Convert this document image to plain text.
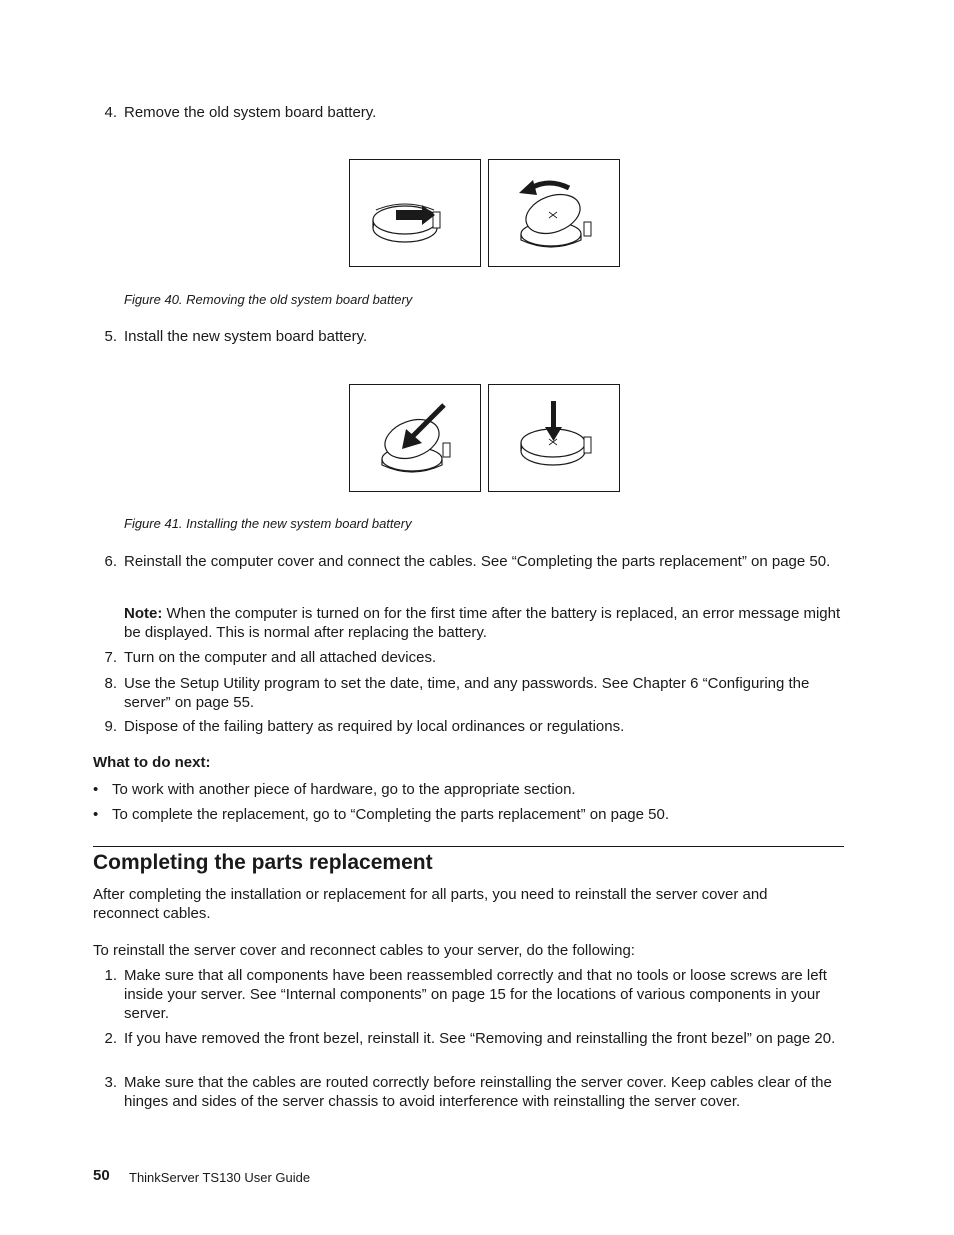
4. Remove the old system board battery.
Figure 40. Removing the old system board battery
5. Install the new system board battery.
Figure 41. Installing the new system board battery
6. Reinstall the computer cover and connect the cables. See “Completing the parts replacement” on page 50.
Note: When the computer is turned on for the first time after the battery is replaced, an error message might be displayed. This is normal after replacing the battery.
7. Turn on the computer and all attached devices.
8. Use the Setup Utility program to set the date, time, and any passwords. See Chapter 6 “Configuring the server” on page 55.
9. Dispose of the failing battery as required by local ordinances or regulations.
What to do next:
• To work with another piece of hardware, go to the appropriate section.
• To complete the replacement, go to “Completing the parts replacement” on page 50.
Completing the parts replacement
After completing the installation or replacement for all parts, you need to reinstall the server cover and reconnect cables.
To reinstall the server cover and reconnect cables to your server, do the following:
1. Make sure that all components have been reassembled correctly and that no tools or loose screws are left inside your server. See “Internal components” on page 15 for the locations of various components in your server.
2. If you have removed the front bezel, reinstall it. See “Removing and reinstalling the front bezel” on page 20.
3. Make sure that the cables are routed correctly before reinstalling the server cover. Keep cables clear of the hinges and sides of the server chassis to avoid interference with reinstalling the server cover.
50 ThinkServer TS130 User Guide
